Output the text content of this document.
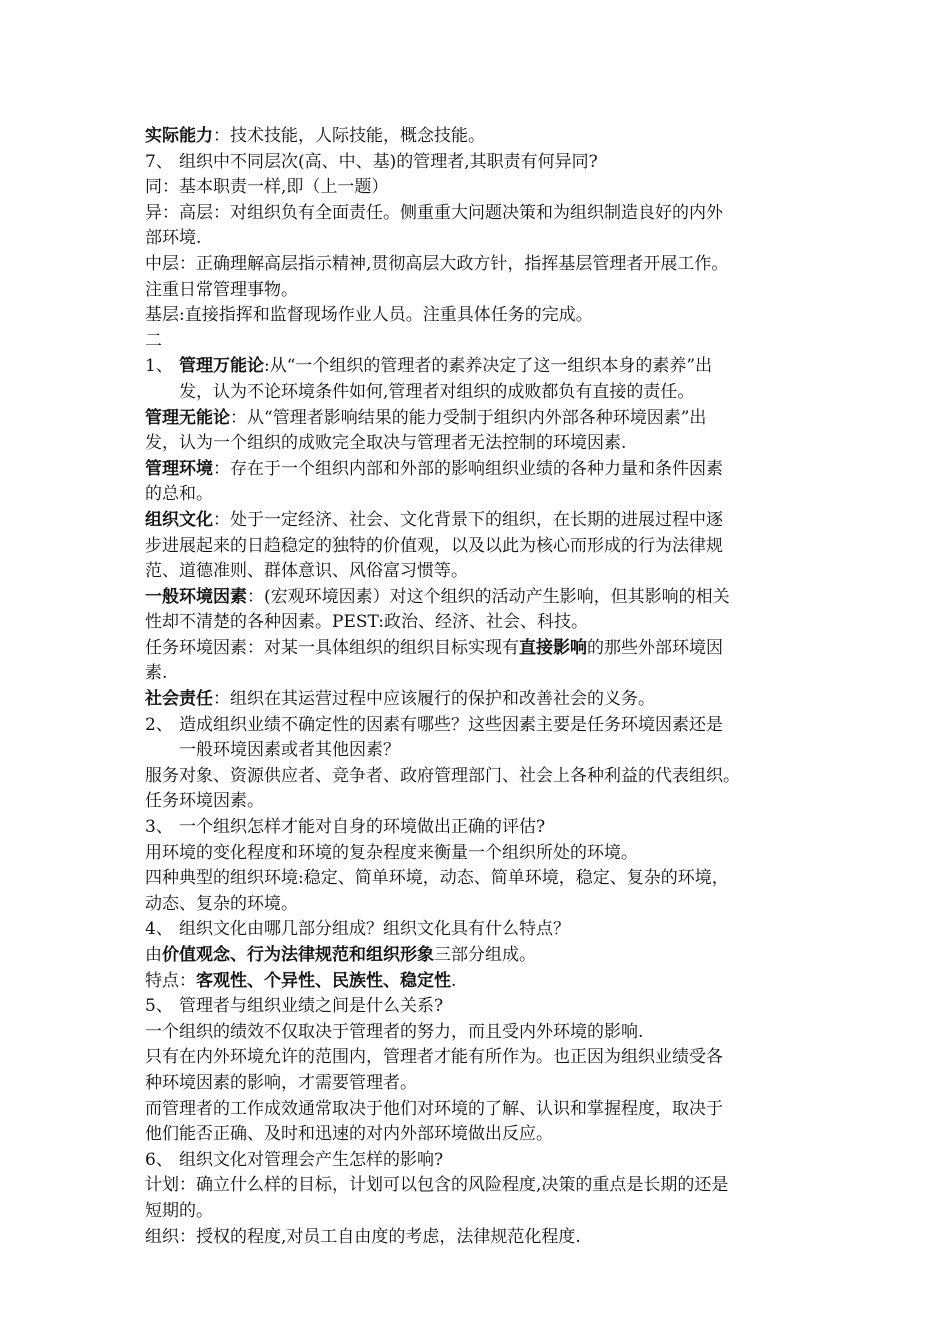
实际能力：技术技能，人际技能，概念技能。
7、 组织中不同层次(高、中、基)的管理者,其职责有何异同?
同：基本职责一样,即（上一题）
异：高层：对组织负有全面责任。侧重重大问题决策和为组织制造良好的内外
部环境.
中层：正确理解高层指示精神,贯彻高层大政方针，指挥基层管理者开展工作。
注重日常管理事物。
基层:直接指挥和监督现场作业人员。注重具体任务的完成。
二
1、 管理万能论:从“一个组织的管理者的素养决定了这一组织本身的素养”出
发，认为不论环境条件如何,管理者对组织的成败都负有直接的责任。
管理无能论：从“管理者影响结果的能力受制于组织内外部各种环境因素”出
发，认为一个组织的成败完全取决与管理者无法控制的环境因素.
管理环境：存在于一个组织内部和外部的影响组织业绩的各种力量和条件因素
的总和。
组织文化：处于一定经济、社会、文化背景下的组织，在长期的进展过程中逐
步进展起来的日趋稳定的独特的价值观，以及以此为核心而形成的行为法律规
范、道德准则、群体意识、风俗富习惯等。
一般环境因素：(宏观环境因素）对这个组织的活动产生影响，但其影响的相关
性却不清楚的各种因素。PEST:政治、经济、社会、科技。
任务环境因素：对某一具体组织的组织目标实现有直接影响的那些外部环境因
素.
社会责任：组织在其运营过程中应该履行的保护和改善社会的义务。
2、 造成组织业绩不确定性的因素有哪些？这些因素主要是任务环境因素还是
一般环境因素或者其他因素？
服务对象、资源供应者、竞争者、政府管理部门、社会上各种利益的代表组织。
任务环境因素。
3、 一个组织怎样才能对自身的环境做出正确的评估?
用环境的变化程度和环境的复杂程度来衡量一个组织所处的环境。
四种典型的组织环境:稳定、简单环境，动态、简单环境，稳定、复杂的环境，
动态、复杂的环境。
4、 组织文化由哪几部分组成？组织文化具有什么特点？
由价值观念、行为法律规范和组织形象三部分组成。
特点：客观性、个异性、民族性、稳定性.
5、 管理者与组织业绩之间是什么关系?
一个组织的绩效不仅取决于管理者的努力，而且受内外环境的影响.
只有在内外环境允许的范围内，管理者才能有所作为。也正因为组织业绩受各
种环境因素的影响，才需要管理者。
而管理者的工作成效通常取决于他们对环境的了解、认识和掌握程度，取决于
他们能否正确、及时和迅速的对内外部环境做出反应。
6、 组织文化对管理会产生怎样的影响?
计划：确立什么样的目标，计划可以包含的风险程度,决策的重点是长期的还是
短期的。
组织：授权的程度,对员工自由度的考虑，法律规范化程度.
